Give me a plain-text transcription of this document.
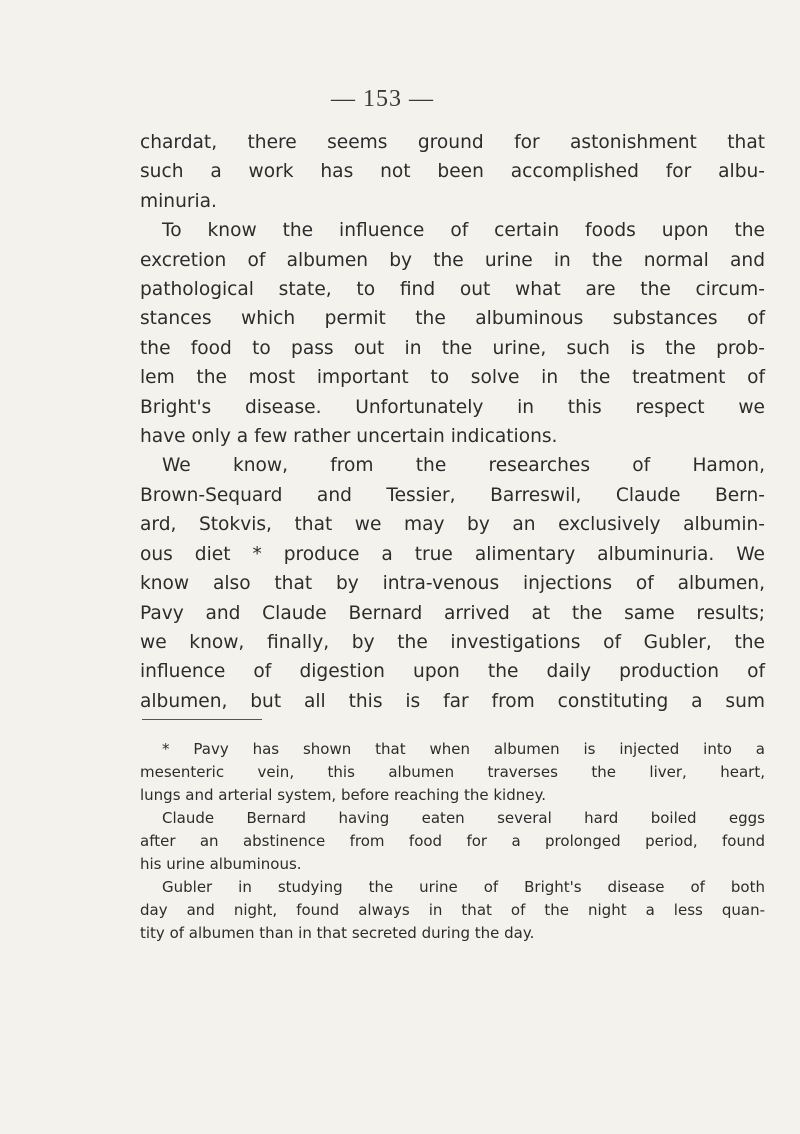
— 153 —

chardat, there seems ground for astonishment that
such a work has not been accomplished for albu-
minuria.

To know the influence of certain foods upon the
excretion of albumen by the urine in the normal and
pathological state, to find out what are the circum-
stances which permit the albuminous substances of
the food to pass out in the urine, such is the prob-
lem the most important to solve in the treatment of
Bright's disease. Unfortunately in this respect we
have only a few rather uncertain indications.

We know, from the researches of Hamon,
Brown-Sequard and Tessier, Barreswil, Claude Bern-
ard, Stokvis, that we may by an exclusively albumin-
ous diet * produce a true alimentary albuminuria. We
know also that by intra-venous injections of albumen,
Pavy and Claude Bernard arrived at the same results;
we know, finally, by the investigations of Gubler, the
influence of digestion upon the daily production of
albumen, but all this is far from constituting a sum

* Pavy has shown that when albumen is injected into a
mesenteric vein, this albumen traverses the liver, heart,
lungs and arterial system, before reaching the kidney.

Claude Bernard having eaten several hard boiled eggs
after an abstinence from food for a prolonged period, found
his urine albuminous.

Gubler in studying the urine of Bright's disease of both
day and night, found always in that of the night a less quan-
tity of albumen than in that secreted during the day.
